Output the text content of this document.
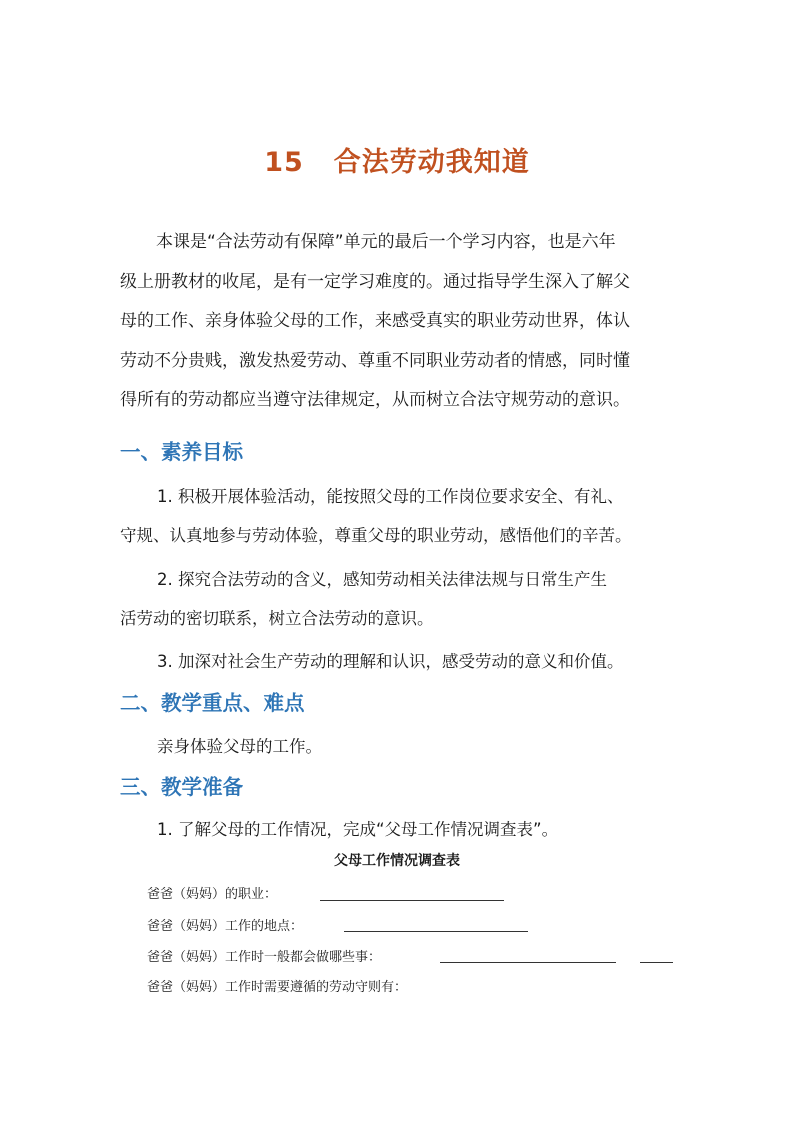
15 合法劳动我知道
本课是“合法劳动有保障”单元的最后一个学习内容，也是六年
级上册教材的收尾，是有一定学习难度的。通过指导学生深入了解父
母的工作、亲身体验父母的工作，来感受真实的职业劳动世界，体认
劳动不分贵贱，激发热爱劳动、尊重不同职业劳动者的情感，同时懂
得所有的劳动都应当遵守法律规定，从而树立合法守规劳动的意识。
一、素养目标
1. 积极开展体验活动，能按照父母的工作岗位要求安全、有礼、
守规、认真地参与劳动体验，尊重父母的职业劳动，感悟他们的辛苦。
2. 探究合法劳动的含义，感知劳动相关法律法规与日常生产生
活劳动的密切联系，树立合法劳动的意识。
3. 加深对社会生产劳动的理解和认识，感受劳动的意义和价值。
二、教学重点、难点
亲身体验父母的工作。
三、教学准备
1. 了解父母的工作情况，完成“父母工作情况调查表”。
父母工作情况调查表
爸爸（妈妈）的职业：
爸爸（妈妈）工作的地点：
爸爸（妈妈）工作时一般都会做哪些事：
爸爸（妈妈）工作时需要遵循的劳动守则有：
